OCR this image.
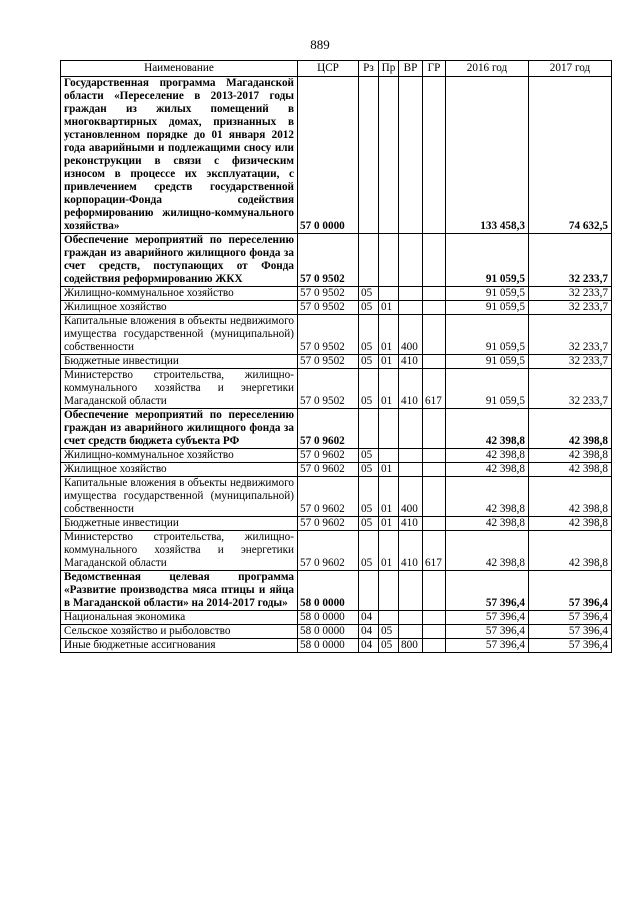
889
Наименование	ЦСР	Рз	Пр	ВР	ГР	2016 год	2017 год
Государственная программа Магаданской области «Переселение в 2013-2017 годы граждан из жилых помещений в многоквартирных домах, признанных в установленном порядке до 01 января 2012 года аварийными и подлежащими сносу или реконструкции в связи с физическим износом в процессе их эксплуатации, с привлечением средств государственной корпорации-Фонда содействия реформированию жилищно-коммунального хозяйства»	57 0 0000					133 458,3	74 632,5
Обеспечение мероприятий по переселению граждан из аварийного жилищного фонда за счет средств, поступающих от Фонда содействия реформированию ЖКХ	57 0 9502					91 059,5	32 233,7
Жилищно-коммунальное хозяйство	57 0 9502	05				91 059,5	32 233,7
Жилищное хозяйство	57 0 9502	05	01			91 059,5	32 233,7
Капитальные вложения в объекты недвижимого имущества государственной (муниципальной) собственности	57 0 9502	05	01	400		91 059,5	32 233,7
Бюджетные инвестиции	57 0 9502	05	01	410		91 059,5	32 233,7
Министерство строительства, жилищно-коммунального хозяйства и энергетики Магаданской области	57 0 9502	05	01	410	617	91 059,5	32 233,7
Обеспечение мероприятий по переселению граждан из аварийного жилищного фонда за счет средств бюджета субъекта РФ	57 0 9602					42 398,8	42 398,8
Жилищно-коммунальное хозяйство	57 0 9602	05				42 398,8	42 398,8
Жилищное хозяйство	57 0 9602	05	01			42 398,8	42 398,8
Капитальные вложения в объекты недвижимого имущества государственной (муниципальной) собственности	57 0 9602	05	01	400		42 398,8	42 398,8
Бюджетные инвестиции	57 0 9602	05	01	410		42 398,8	42 398,8
Министерство строительства, жилищно-коммунального хозяйства и энергетики Магаданской области	57 0 9602	05	01	410	617	42 398,8	42 398,8
Ведомственная целевая программа «Развитие производства мяса птицы и яйца в Магаданской области» на 2014-2017 годы»	58 0 0000					57 396,4	57 396,4
Национальная экономика	58 0 0000	04				57 396,4	57 396,4
Сельское хозяйство и рыболовство	58 0 0000	04	05			57 396,4	57 396,4
Иные бюджетные ассигнования	58 0 0000	04	05	800		57 396,4	57 396,4
